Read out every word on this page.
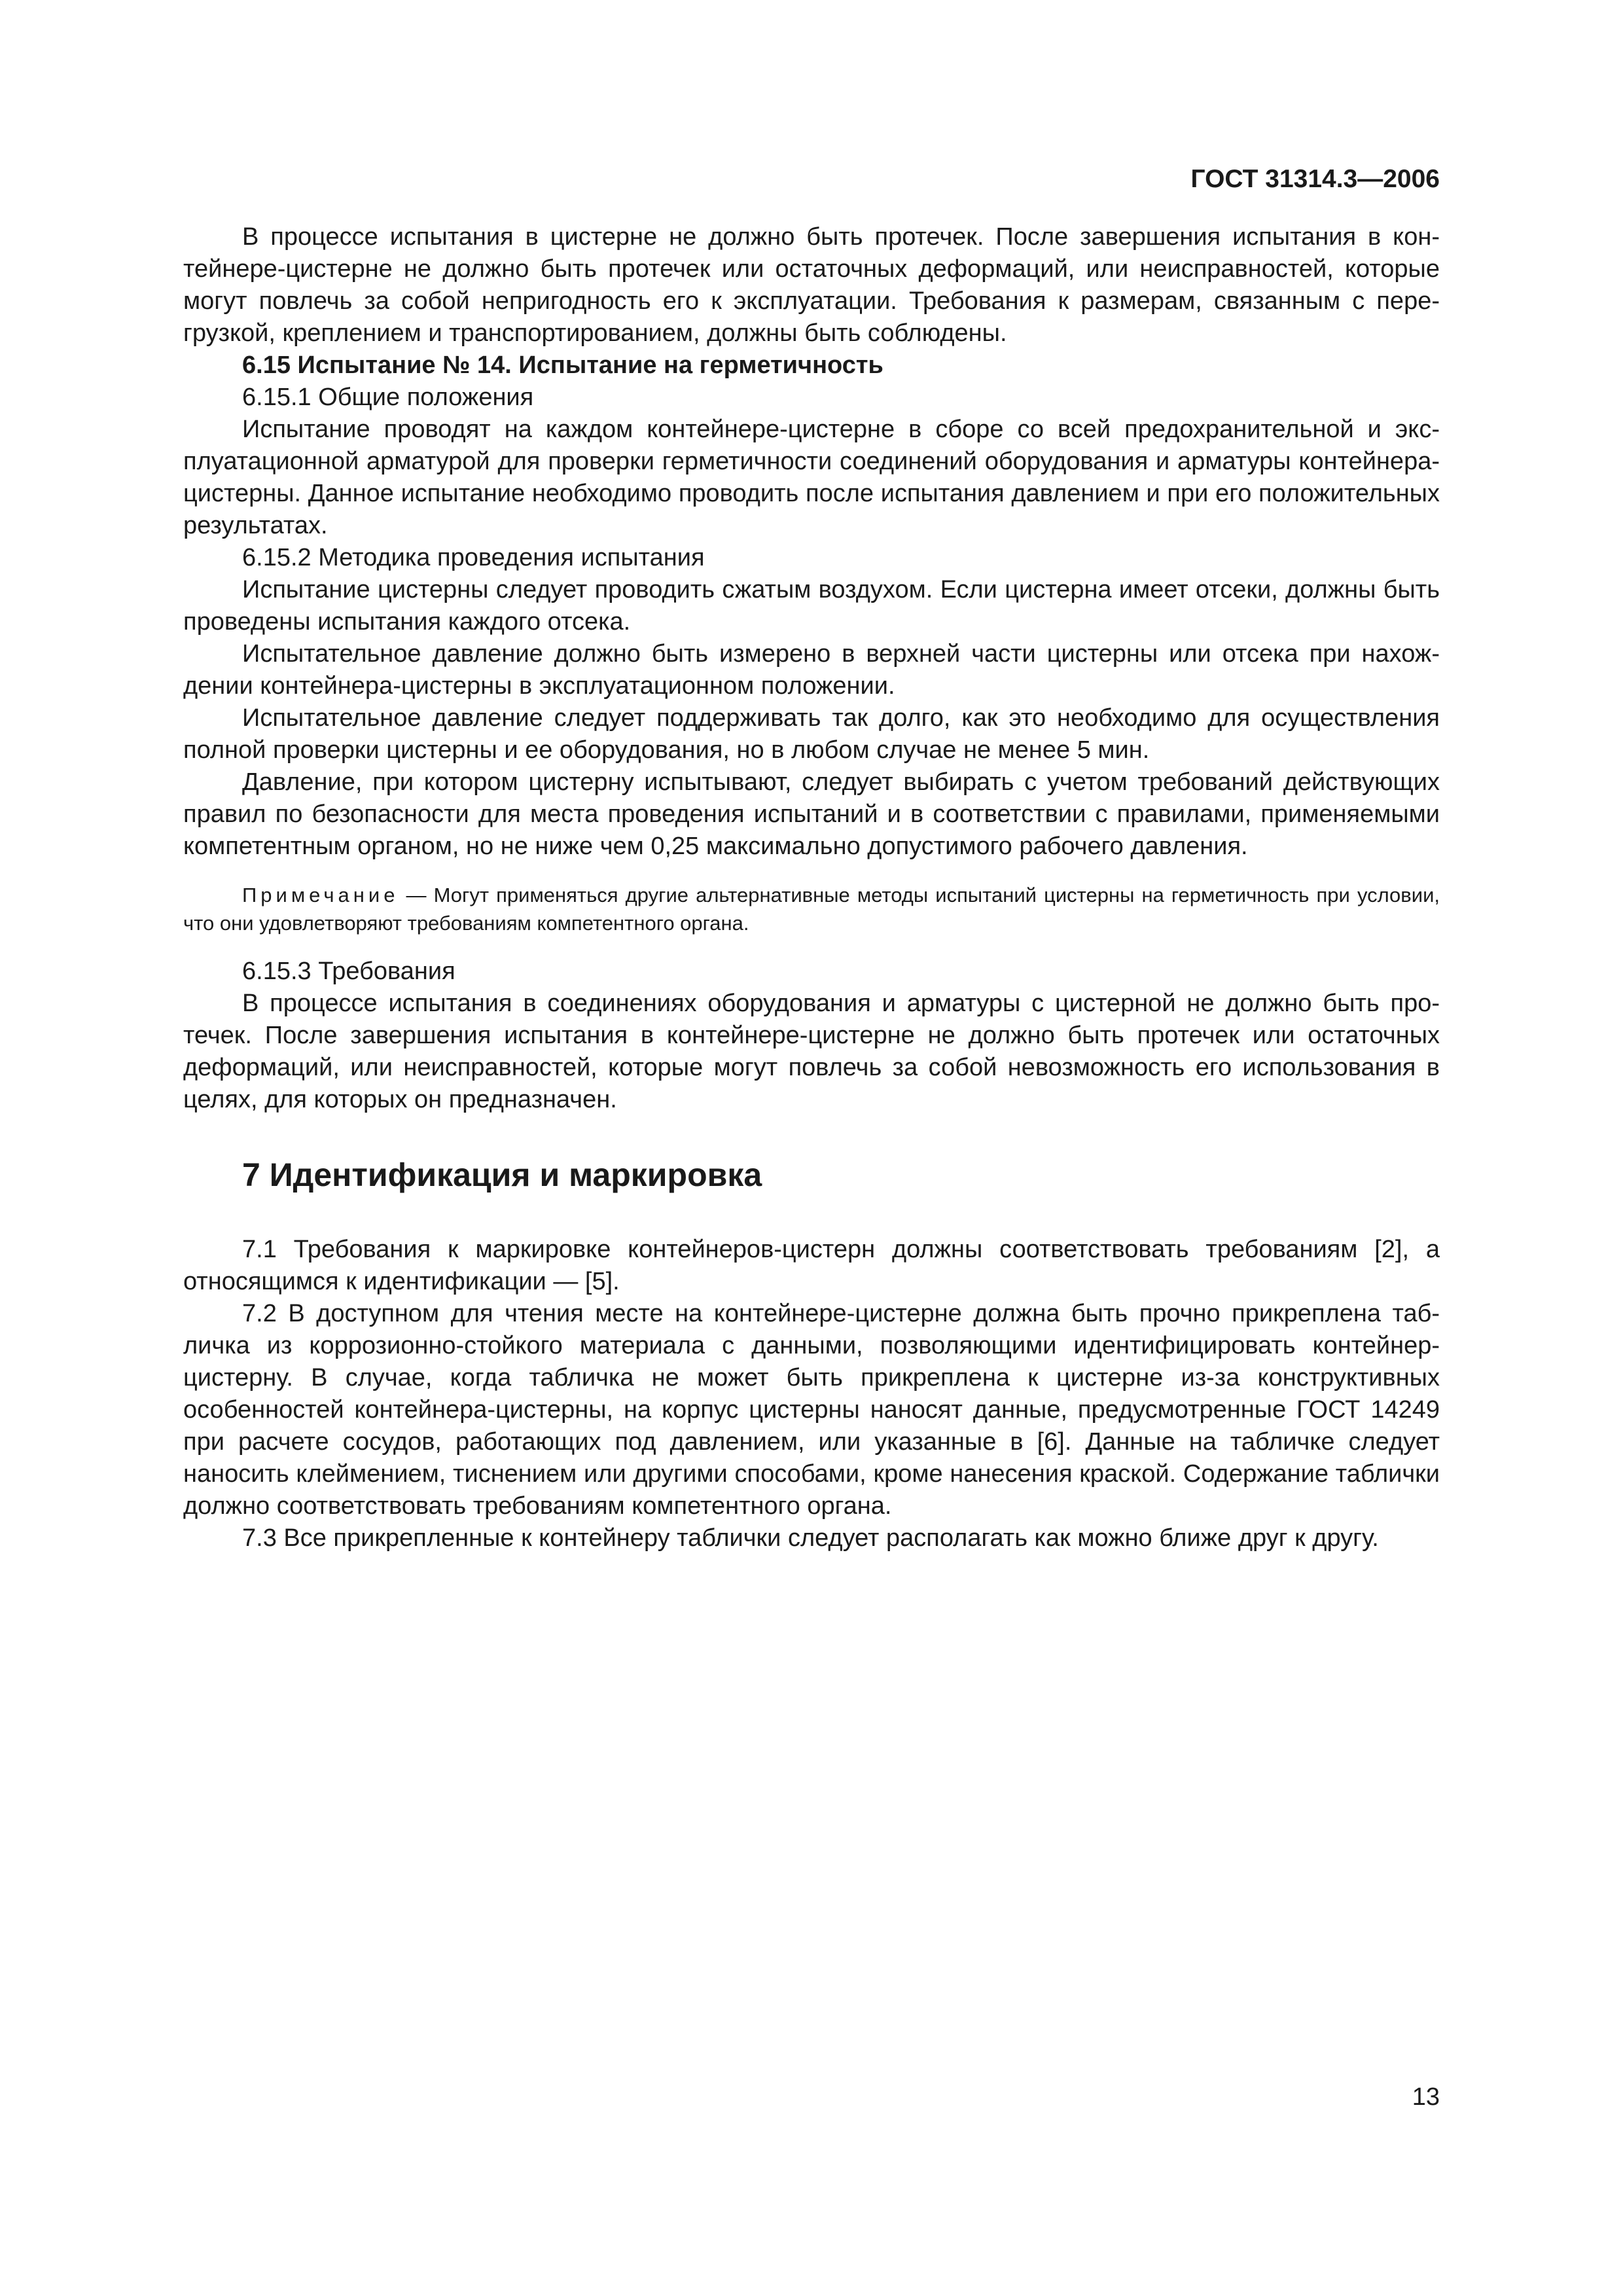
ГОСТ 31314.3—2006

В процессе испытания в цистерне не должно быть протечек. После завершения испытания в контейнере-цистерне не должно быть протечек или остаточных деформаций, или неисправностей, которые могут повлечь за собой непригодность его к эксплуатации. Требования к размерам, связанным с перегрузкой, креплением и транспортированием, должны быть соблюдены.

6.15 Испытание № 14. Испытание на герметичность

6.15.1 Общие положения

Испытание проводят на каждом контейнере-цистерне в сборе со всей предохранительной и эксплуатационной арматурой для проверки герметичности соединений оборудования и арматуры контейнера-цистерны. Данное испытание необходимо проводить после испытания давлением и при его положительных результатах.

6.15.2 Методика проведения испытания

Испытание цистерны следует проводить сжатым воздухом. Если цистерна имеет отсеки, должны быть проведены испытания каждого отсека.

Испытательное давление должно быть измерено в верхней части цистерны или отсека при нахождении контейнера-цистерны в эксплуатационном положении.

Испытательное давление следует поддерживать так долго, как это необходимо для осуществления полной проверки цистерны и ее оборудования, но в любом случае не менее 5 мин.

Давление, при котором цистерну испытывают, следует выбирать с учетом требований действующих правил по безопасности для места проведения испытаний и в соответствии с правилами, применяемыми компетентным органом, но не ниже чем 0,25 максимально допустимого рабочего давления.

Примечание — Могут применяться другие альтернативные методы испытаний цистерны на герметичность при условии, что они удовлетворяют требованиям компетентного органа.

6.15.3 Требования

В процессе испытания в соединениях оборудования и арматуры с цистерной не должно быть протечек. После завершения испытания в контейнере-цистерне не должно быть протечек или остаточных деформаций, или неисправностей, которые могут повлечь за собой невозможность его использования в целях, для которых он предназначен.

7 Идентификация и маркировка

7.1 Требования к маркировке контейнеров-цистерн должны соответствовать требованиям [2], а относящимся к идентификации — [5].

7.2 В доступном для чтения месте на контейнере-цистерне должна быть прочно прикреплена табличка из коррозионно-стойкого материала с данными, позволяющими идентифицировать контейнер-цистерну. В случае, когда табличка не может быть прикреплена к цистерне из-за конструктивных особенностей контейнера-цистерны, на корпус цистерны наносят данные, предусмотренные ГОСТ 14249 при расчете сосудов, работающих под давлением, или указанные в [6]. Данные на табличке следует наносить клеймением, тиснением или другими способами, кроме нанесения краской. Содержание таблички должно соответствовать требованиям компетентного органа.

7.3 Все прикрепленные к контейнеру таблички следует располагать как можно ближе друг к другу.

13
